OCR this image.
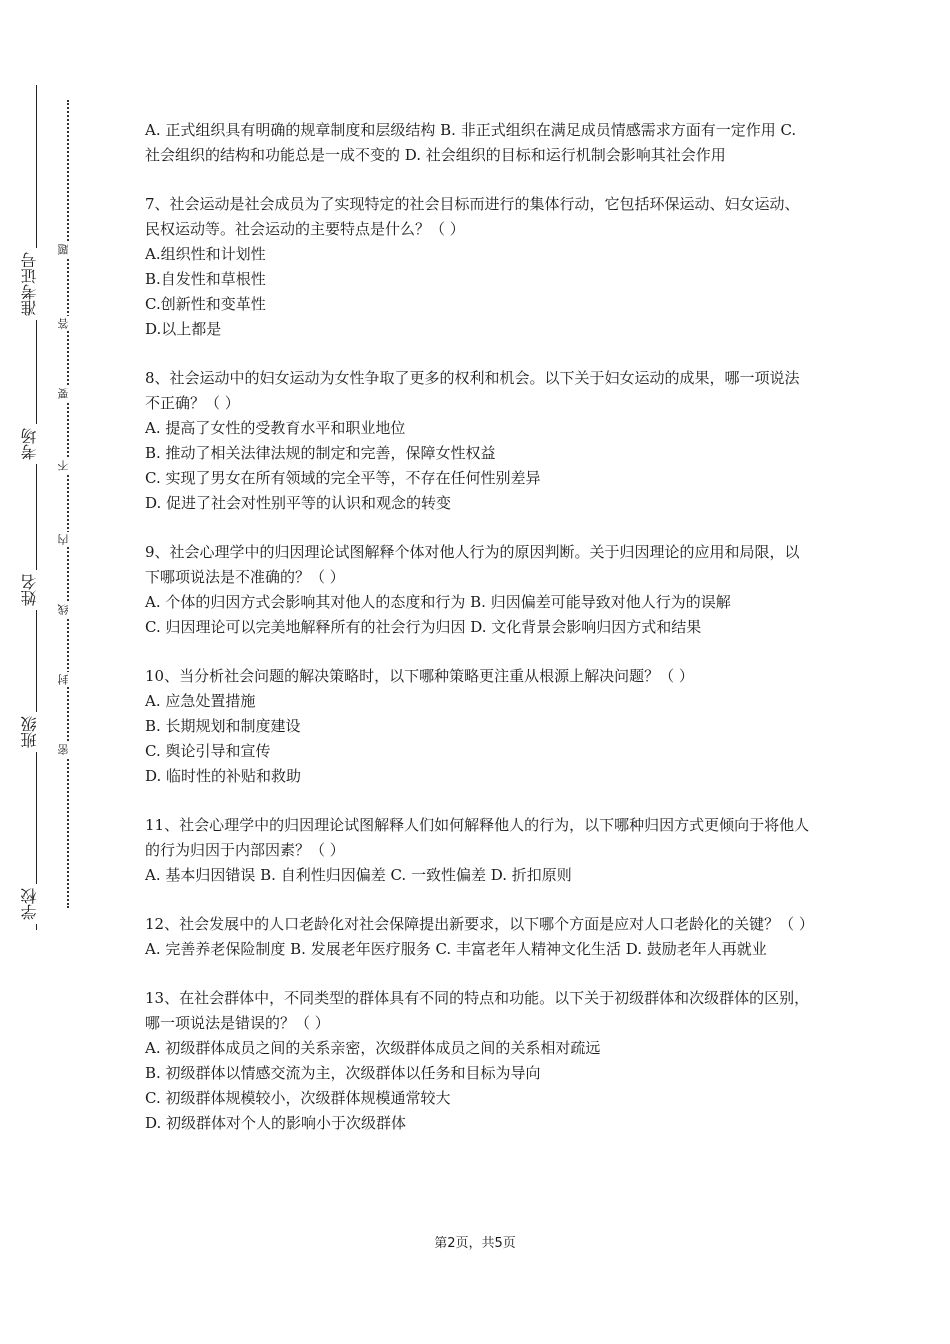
准考证号
考场
姓名
班级
学校
题
答
要
不
内
线
封
密

A. 正式组织具有明确的规章制度和层级结构 B. 非正式组织在满足成员情感需求方面有一定作用 C. 社会组织的结构和功能总是一成不变的 D. 社会组织的目标和运行机制会影响其社会作用

7、社会运动是社会成员为了实现特定的社会目标而进行的集体行动，它包括环保运动、妇女运动、民权运动等。社会运动的主要特点是什么？（ ）

A.组织性和计划性

B.自发性和草根性

C.创新性和变革性

D.以上都是

8、社会运动中的妇女运动为女性争取了更多的权利和机会。以下关于妇女运动的成果，哪一项说法不正确？（ ）

A. 提高了女性的受教育水平和职业地位

B. 推动了相关法律法规的制定和完善，保障女性权益

C. 实现了男女在所有领域的完全平等，不存在任何性别差异

D. 促进了社会对性别平等的认识和观念的转变

9、社会心理学中的归因理论试图解释个体对他人行为的原因判断。关于归因理论的应用和局限，以下哪项说法是不准确的？（ ）

A. 个体的归因方式会影响其对他人的态度和行为 B. 归因偏差可能导致对他人行为的误解

C. 归因理论可以完美地解释所有的社会行为归因 D. 文化背景会影响归因方式和结果

10、当分析社会问题的解决策略时，以下哪种策略更注重从根源上解决问题？（ ）

A. 应急处置措施

B. 长期规划和制度建设

C. 舆论引导和宣传

D. 临时性的补贴和救助

11、社会心理学中的归因理论试图解释人们如何解释他人的行为，以下哪种归因方式更倾向于将他人的行为归因于内部因素？（ ）

A. 基本归因错误 B. 自利性归因偏差 C. 一致性偏差 D. 折扣原则

12、社会发展中的人口老龄化对社会保障提出新要求，以下哪个方面是应对人口老龄化的关键？（ ）

A. 完善养老保险制度 B. 发展老年医疗服务 C. 丰富老年人精神文化生活 D. 鼓励老年人再就业

13、在社会群体中，不同类型的群体具有不同的特点和功能。以下关于初级群体和次级群体的区别，哪一项说法是错误的？（ ）

A. 初级群体成员之间的关系亲密，次级群体成员之间的关系相对疏远

B. 初级群体以情感交流为主，次级群体以任务和目标为导向

C. 初级群体规模较小，次级群体规模通常较大

D. 初级群体对个人的影响小于次级群体

第2页，共5页
